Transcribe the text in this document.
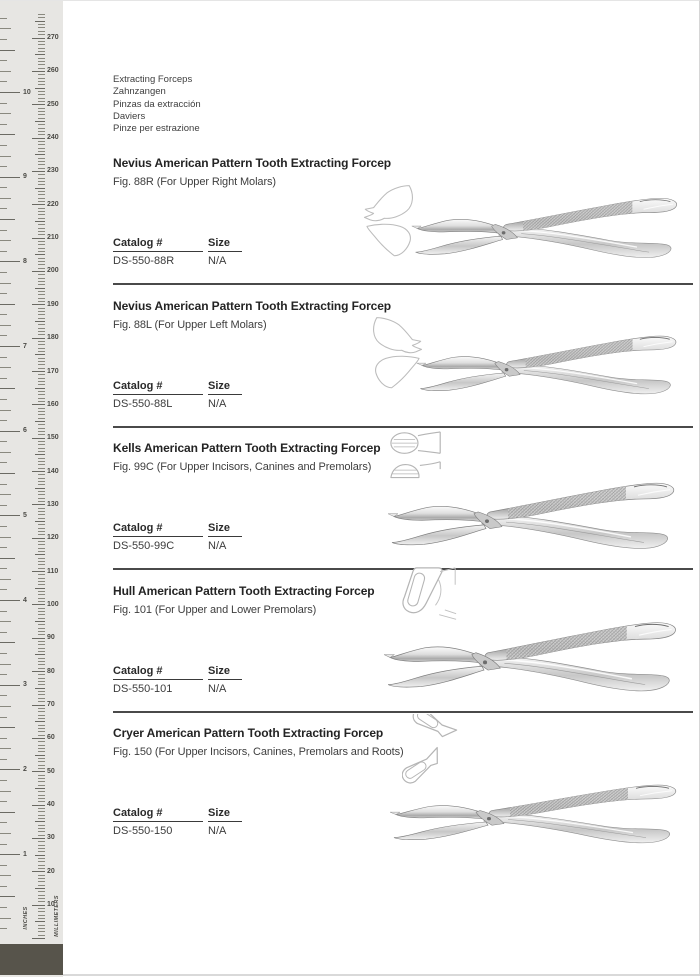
INCHES	MILLIMETERS
10
9
8
7
6
5
4
3
2
1
270
260
250
240
230
220
210
200
190
180
170
160
150
140
130
120
110
100
90
80
70
60
50
40
30
20
10
Extracting Forceps
Zahnzangen
Pinzas da extracción
Daviers
Pinze per estrazione
Nevius American Pattern Tooth Extracting Forcep

Fig. 88R (For Upper Right Molars)

Catalog #
DS-550-88R
Size
N/A
Nevius American Pattern Tooth Extracting Forcep

Fig. 88L (For Upper Left Molars)

Catalog #
DS-550-88L
Size
N/A
Kells American Pattern Tooth Extracting Forcep

Fig. 99C (For Upper Incisors, Canines and Premolars)

Catalog #
DS-550-99C
Size
N/A
Hull American Pattern Tooth Extracting Forcep

Fig. 101 (For Upper and Lower Premolars)

Catalog #
DS-550-101
Size
N/A
Cryer American Pattern Tooth Extracting Forcep

Fig. 150 (For Upper Incisors, Canines, Premolars and Roots)

Catalog #
DS-550-150
Size
N/A
